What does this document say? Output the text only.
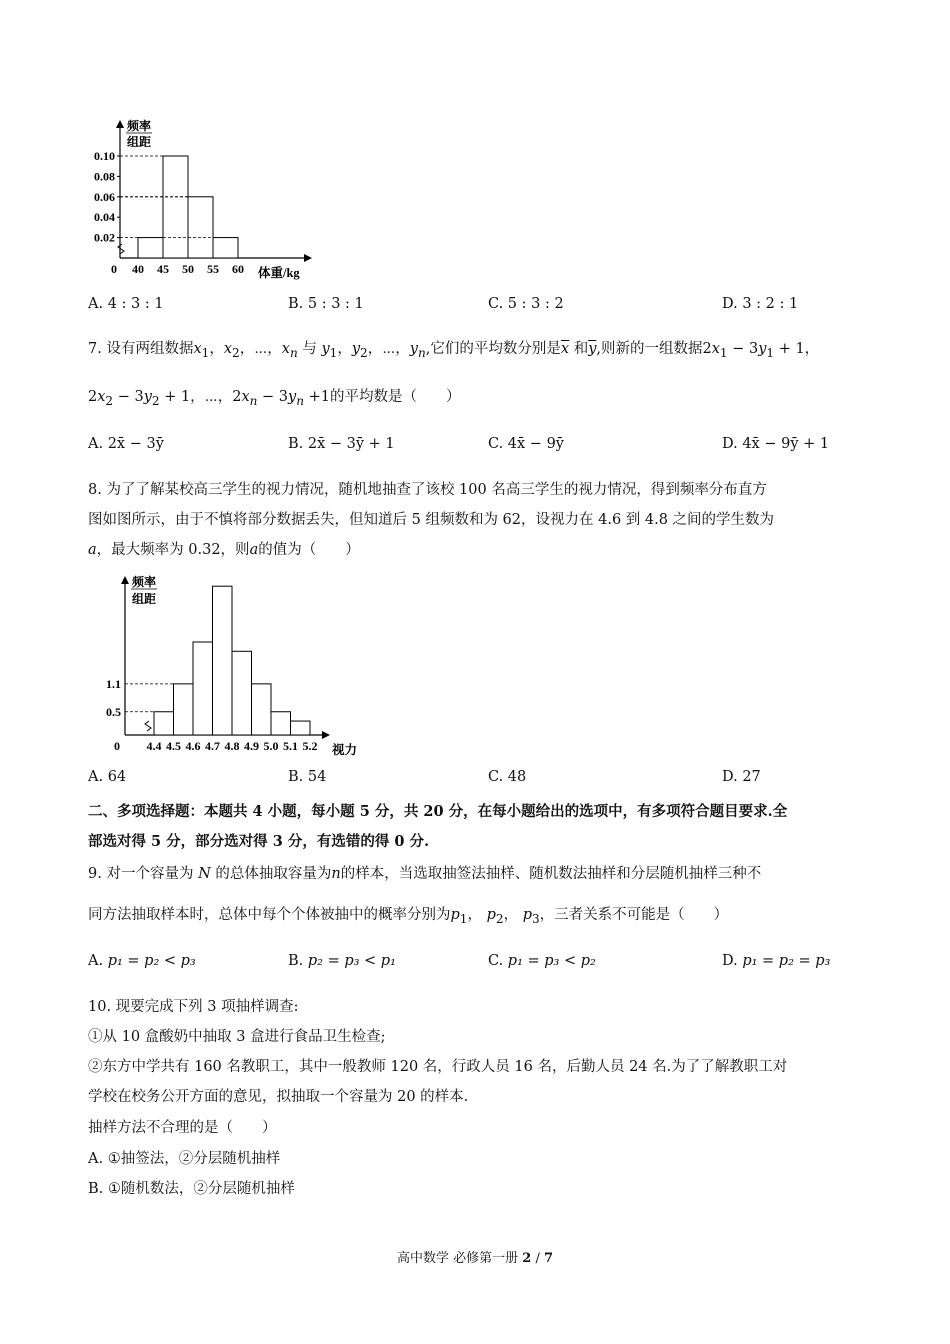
频率
组距
0.02
0.04
0.06
0.08
0.10
0 40 45 50 55 60 体重/kg
A. 4 : 3 : 1	B. 5 : 3 : 1	C. 5 : 3 : 2	D. 3 : 2 : 1
7. 设有两组数据$x_1$，$x_2$，⋯，$x_n$ 与 $y_1$，$y_2$，⋯，$y_n$,它们的平均数分别是$\overline{x}$ 和$\overline{y}$,则新的一组数据$2x_1 - 3y_1 + 1$，
$2x_2 - 3y_2 + 1$，⋯，$2x_n - 3y_n +1$的平均数是（　　）
A. 2x̄ − 3ȳ	B. 2x̄ − 3ȳ + 1	C. 4x̄ − 9ȳ	D. 4x̄ − 9ȳ + 1
8. 为了了解某校高三学生的视力情况，随机地抽查了该校 100 名高三学生的视力情况，得到频率分布直方
图如图所示，由于不慎将部分数据丢失，但知道后 5 组频数和为 62，设视力在 4.6 到 4.8 之间的学生数为
a，最大频率为 0.32，则a的值为（　　）
频率
组距
0.5
1.1
0 4.4 4.5 4.6 4.7 4.8 4.9 5.0 5.1 5.2 视力
A. 64	B. 54	C. 48	D. 27
二、多项选择题：本题共 4 小题，每小题 5 分，共 20 分，在每小题给出的选项中，有多项符合题目要求.全
部选对得 5 分，部分选对得 3 分，有选错的得 0 分.
9. 对一个容量为 N 的总体抽取容量为n的样本，当选取抽签法抽样、随机数法抽样和分层随机抽样三种不
同方法抽取样本时，总体中每个个体被抽中的概率分别为$p_1$， $p_2$， $p_3$，三者关系不可能是（　　）
A. p₁ = p₂ < p₃	B. p₂ = p₃ < p₁	C. p₁ = p₃ < p₂	D. p₁ = p₂ = p₃
10. 现要完成下列 3 项抽样调查:
①从 10 盒酸奶中抽取 3 盒进行食品卫生检查;
②东方中学共有 160 名教职工，其中一般教师 120 名，行政人员 16 名，后勤人员 24 名.为了了解教职工对
学校在校务公开方面的意见，拟抽取一个容量为 20 的样本.
抽样方法不合理的是（　　）
A. ①抽签法，②分层随机抽样
B. ①随机数法，②分层随机抽样
高中数学 必修第一册 2 / 7
